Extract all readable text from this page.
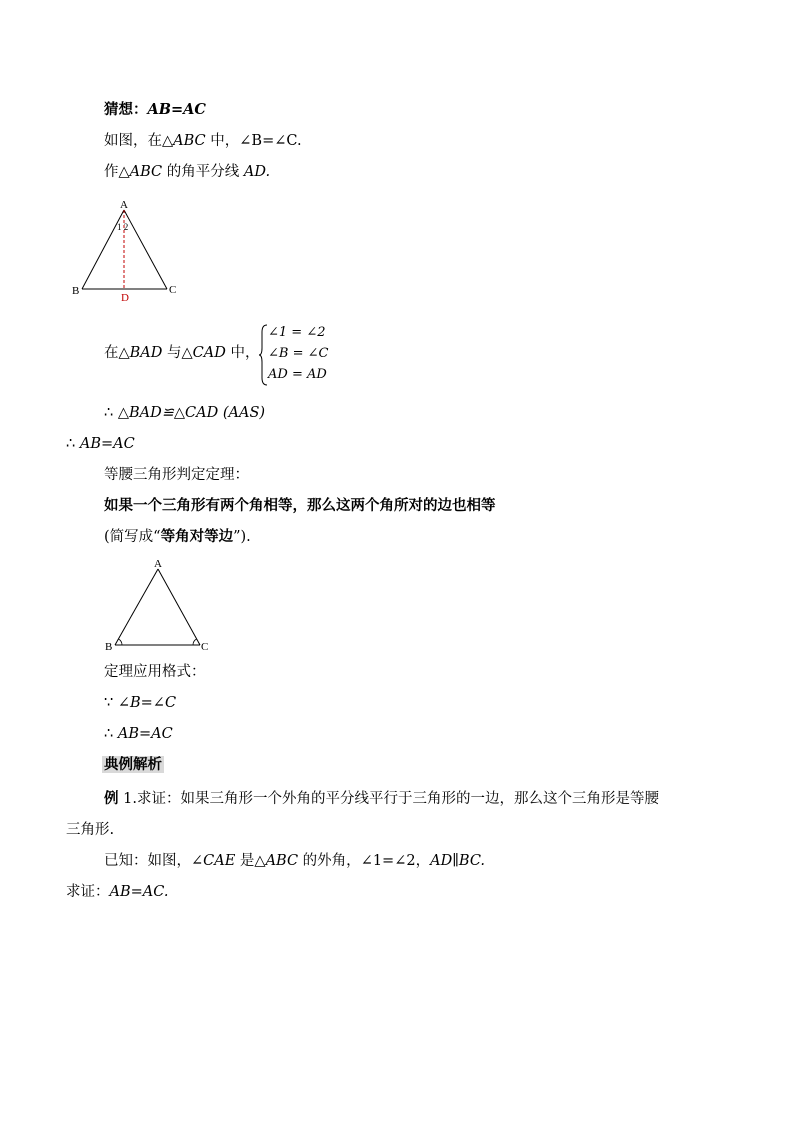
猜想：AB=AC
如图，在△ABC 中，∠B=∠C.
作△ABC 的角平分线 AD.
A
B	C
D
1 2
在△BAD 与△CAD 中，
∠1 = ∠2
∠B = ∠C
AD = AD
∴ △BAD≌△CAD (AAS)
∴ AB=AC
等腰三角形判定定理：
如果一个三角形有两个角相等，那么这两个角所对的边也相等
(简写成“等角对等边”).
A
B	C
定理应用格式：
∵ ∠B=∠C
∴ AB=AC
典例解析
例 1.求证：如果三角形一个外角的平分线平行于三角形的一边，那么这个三角形是等腰
三角形.
已知：如图，∠CAE 是△ABC 的外角，∠1=∠2，AD∥BC.
求证：AB=AC.
